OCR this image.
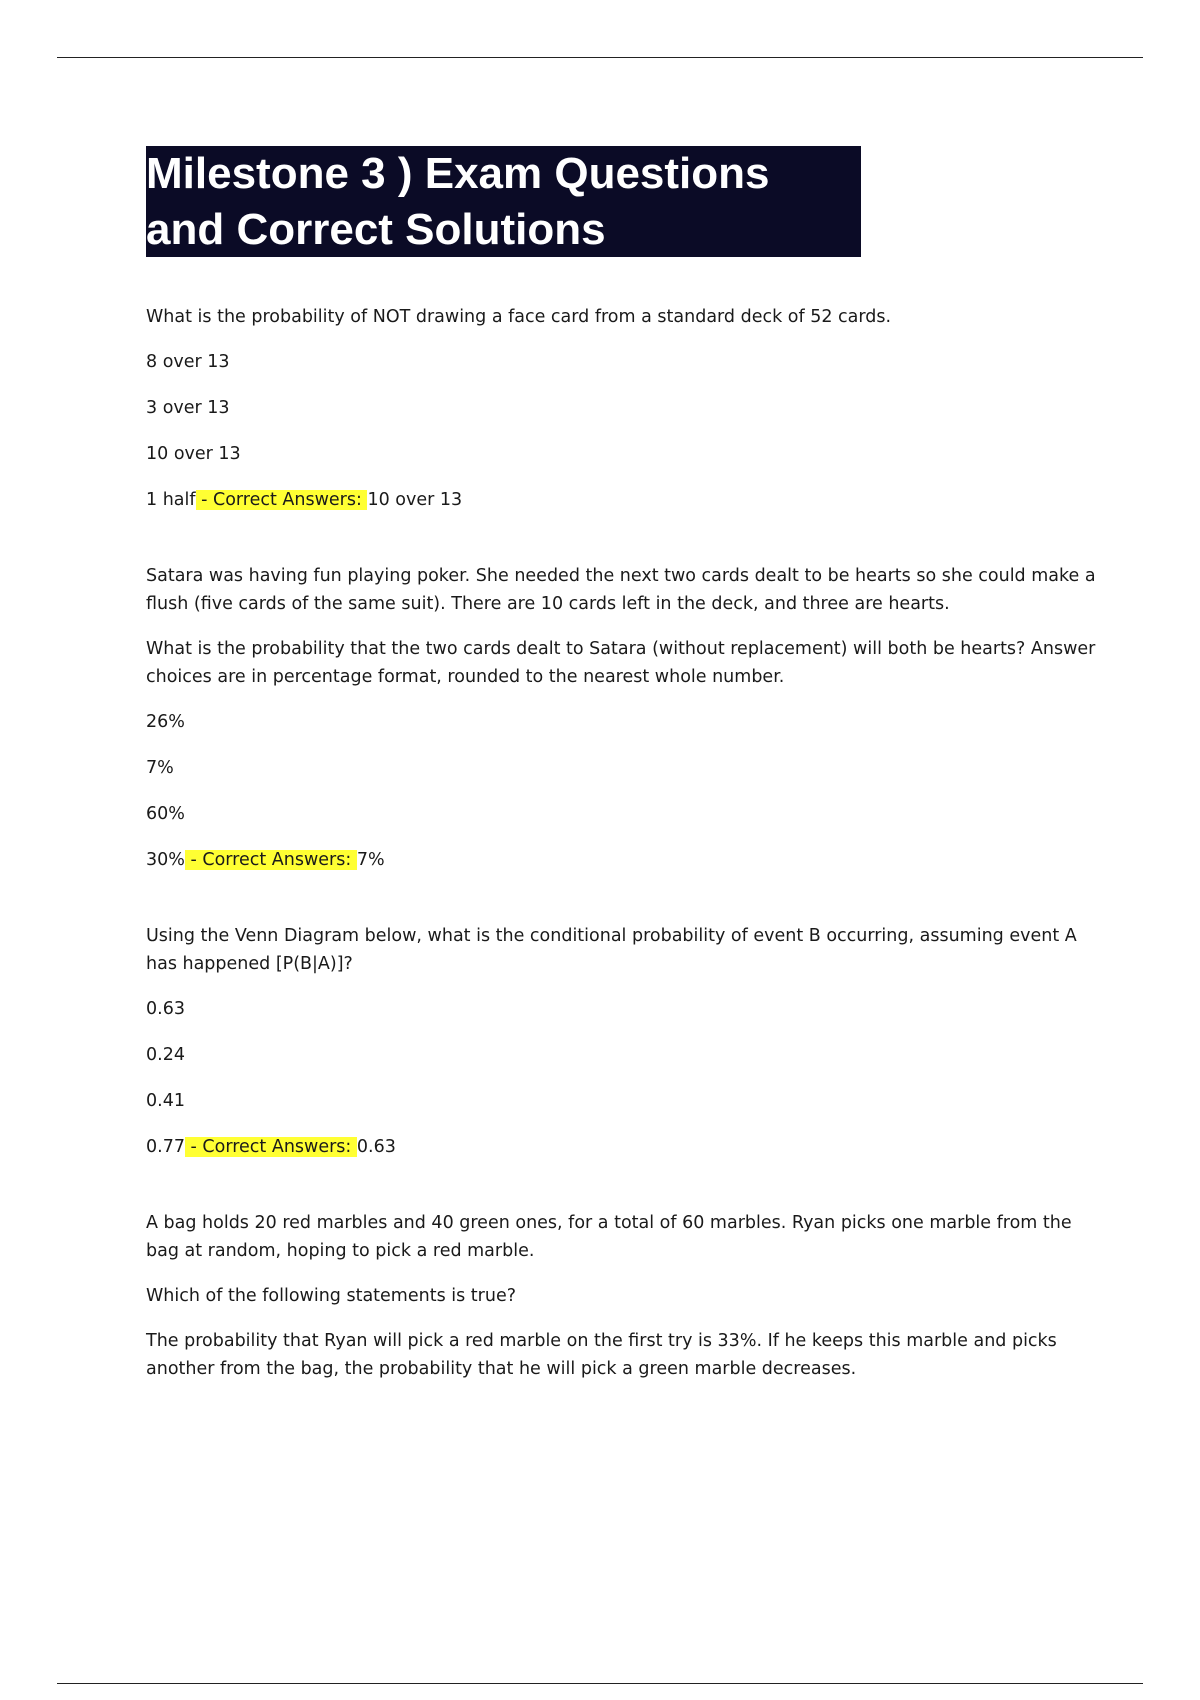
Milestone 3 ) Exam Questions
and Correct Solutions

What is the probability of NOT drawing a face card from a standard deck of 52 cards.

8 over 13

3 over 13

10 over 13

1 half - Correct Answers: 10 over 13

Satara was having fun playing poker. She needed the next two cards dealt to be hearts so she could make a flush (five cards of the same suit). There are 10 cards left in the deck, and three are hearts.

What is the probability that the two cards dealt to Satara (without replacement) will both be hearts? Answer choices are in percentage format, rounded to the nearest whole number.

26%

7%

60%

30% - Correct Answers: 7%

Using the Venn Diagram below, what is the conditional probability of event B occurring, assuming event A has happened [P(B|A)]?

0.63

0.24

0.41

0.77 - Correct Answers: 0.63

A bag holds 20 red marbles and 40 green ones, for a total of 60 marbles. Ryan picks one marble from the bag at random, hoping to pick a red marble.

Which of the following statements is true?

The probability that Ryan will pick a red marble on the first try is 33%. If he keeps this marble and picks another from the bag, the probability that he will pick a green marble decreases.
